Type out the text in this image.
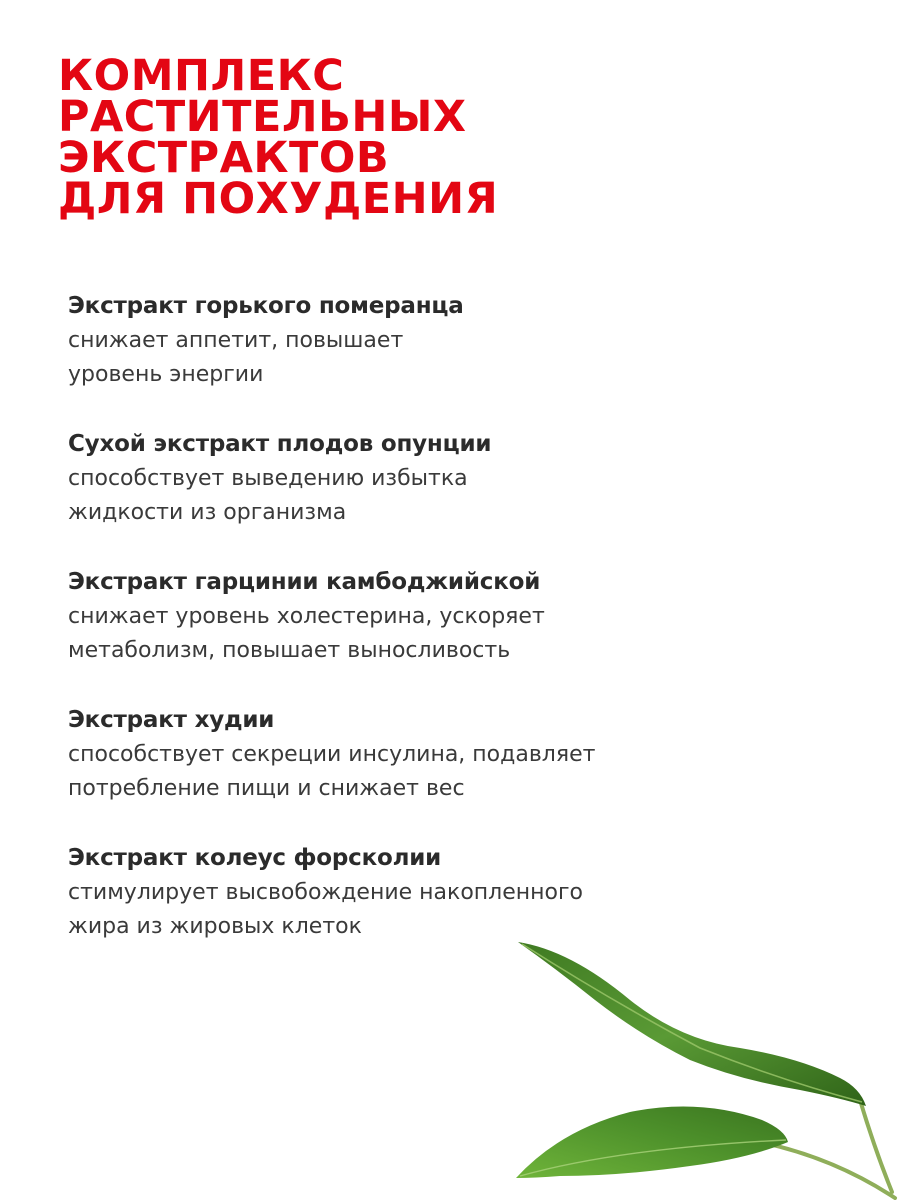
КОМПЛЕКС
РАСТИТЕЛЬНЫХ
ЭКСТРАКТОВ
ДЛЯ ПОХУДЕНИЯ
Экстракт горького померанца
снижает аппетит, повышает
уровень энергии
Сухой экстракт плодов опунции
способствует выведению избытка
жидкости из организма
Экстракт гарцинии камбоджийской
снижает уровень холестерина, ускоряет
метаболизм, повышает выносливость
Экстракт худии
способствует секреции инсулина, подавляет
потребление пищи и снижает вес
Экстракт колеус форсколии
стимулирует высвобождение накопленного
жира из жировых клеток
